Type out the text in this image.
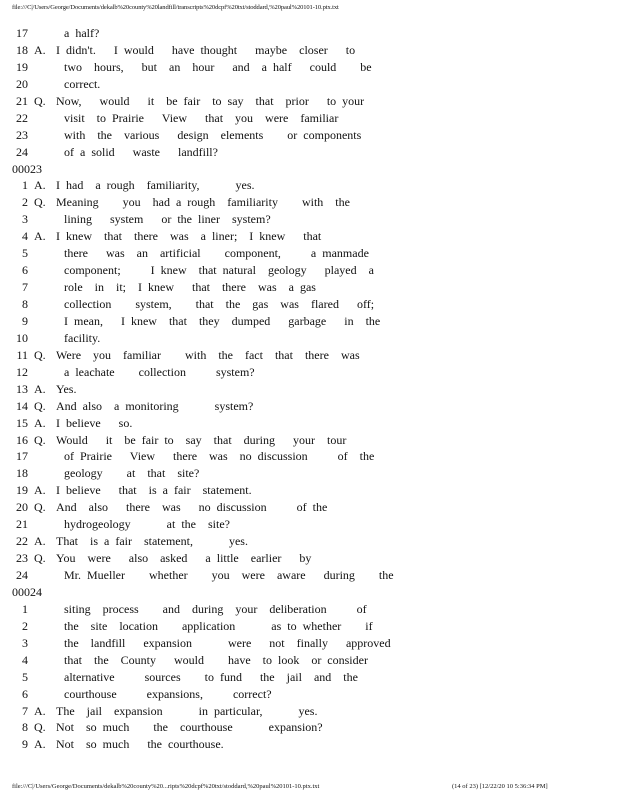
file:///C|/Users/George/Documents/dekalb%20county%20landfill/transcripts%20dcpf%20txt/stoddard,%20paul%20101-10.ptx.txt
17	a half?
18 A. I didn't.   I would   have thought   maybe  closer   to
19	two  hours,   but  an  hour   and  a half   could    be
20	correct.
21 Q. Now,   would   it  be fair  to say  that  prior   to your
22	visit  to Prairie   View   that  you  were  familiar
23	with  the  various   design  elements    or components
24	of a solid   waste   landfill?
00023
1 A. I had  a rough  familiarity,      yes.
2 Q. Meaning    you  had a rough  familiarity    with  the
3	lining   system   or the liner  system?
4 A. I knew  that  there  was  a liner;  I knew   that
5	there   was  an  artificial    component,     a manmade
6	component;     I knew  that natural  geology   played  a
7	role  in  it;  I knew   that  there  was  a gas
8	collection    system,    that  the  gas  was  flared   off;
9	I mean,   I knew  that  they  dumped   garbage   in  the
10	facility.
11 Q. Were  you  familiar    with  the  fact  that  there  was
12	a leachate    collection     system?
13 A. Yes.
14 Q. And also  a monitoring      system?
15 A. I believe   so.
16 Q. Would   it  be fair to  say  that  during   your  tour
17	of Prairie   View   there  was  no discussion     of  the
18	geology    at  that  site?
19 A. I believe   that  is a fair  statement.
20 Q. And  also   there  was   no discussion     of the
21	hydrogeology      at the  site?
22 A. That  is a fair  statement,      yes.
23 Q. You  were   also  asked   a little  earlier   by
24	Mr. Mueller    whether    you  were  aware   during    the
00024
1	siting  process    and  during  your  deliberation     of
2	the  site  location    application      as to whether    if
3	the  landfill   expansion      were   not  finally   approved
4	that  the  County   would    have  to look  or consider
5	alternative     sources    to fund   the  jail  and  the
6	courthouse     expansions,     correct?
7 A. The  jail  expansion      in particular,      yes.
8 Q. Not  so much    the  courthouse      expansion?
9 A. Not  so much   the courthouse.
file:///C|/Users/George/Documents/dekalb%20county%20...ripts%20dcpf%20txt/stoddard,%20paul%20101-10.ptx.txt	(14 of 23) [12/22/20 10 5:36:34 PM]
